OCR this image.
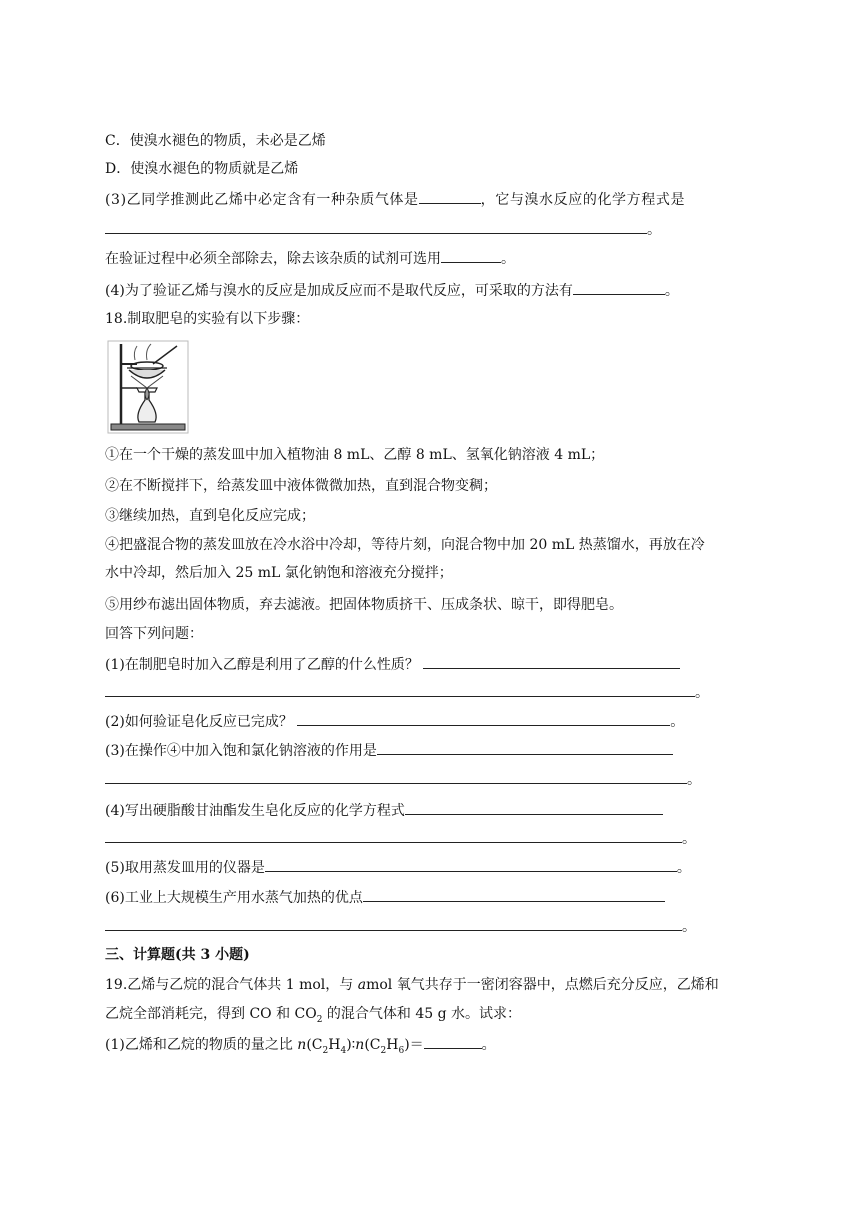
C．使溴水褪色的物质，未必是乙烯
D．使溴水褪色的物质就是乙烯
(3)乙同学推测此乙烯中必定含有一种杂质气体是	，它与溴水反应的化学方程式是
。
在验证过程中必须全部除去，除去该杂质的试剂可选用	。
(4)为了验证乙烯与溴水的反应是加成反应而不是取代反应，可采取的方法有	。
18.制取肥皂的实验有以下步骤：
①在一个干燥的蒸发皿中加入植物油 8 mL、乙醇 8 mL、氢氧化钠溶液 4 mL；
②在不断搅拌下，给蒸发皿中液体微微加热，直到混合物变稠；
③继续加热，直到皂化反应完成；
④把盛混合物的蒸发皿放在冷水浴中冷却，等待片刻，向混合物中加 20 mL 热蒸馏水，再放在冷
水中冷却，然后加入 25 mL 氯化钠饱和溶液充分搅拌；
⑤用纱布滤出固体物质，弃去滤液。把固体物质挤干、压成条状、晾干，即得肥皂。
回答下列问题：
(1)在制肥皂时加入乙醇是利用了乙醇的什么性质？
。
(2)如何验证皂化反应已完成？	。
(3)在操作④中加入饱和氯化钠溶液的作用是
。
(4)写出硬脂酸甘油酯发生皂化反应的化学方程式
。
(5)取用蒸发皿用的仪器是	。
(6)工业上大规模生产用水蒸气加热的优点
。
三、计算题(共 3 小题)
19.乙烯与乙烷的混合气体共 1 mol，与 amol 氧气共存于一密闭容器中，点燃后充分反应，乙烯和
乙烷全部消耗完，得到 CO 和 $CO_2$ 的混合气体和 45 g 水。试求：
(1)乙烯和乙烷的物质的量之比 $n(C_2H_4)∶n(C_2H_6)=$	。
